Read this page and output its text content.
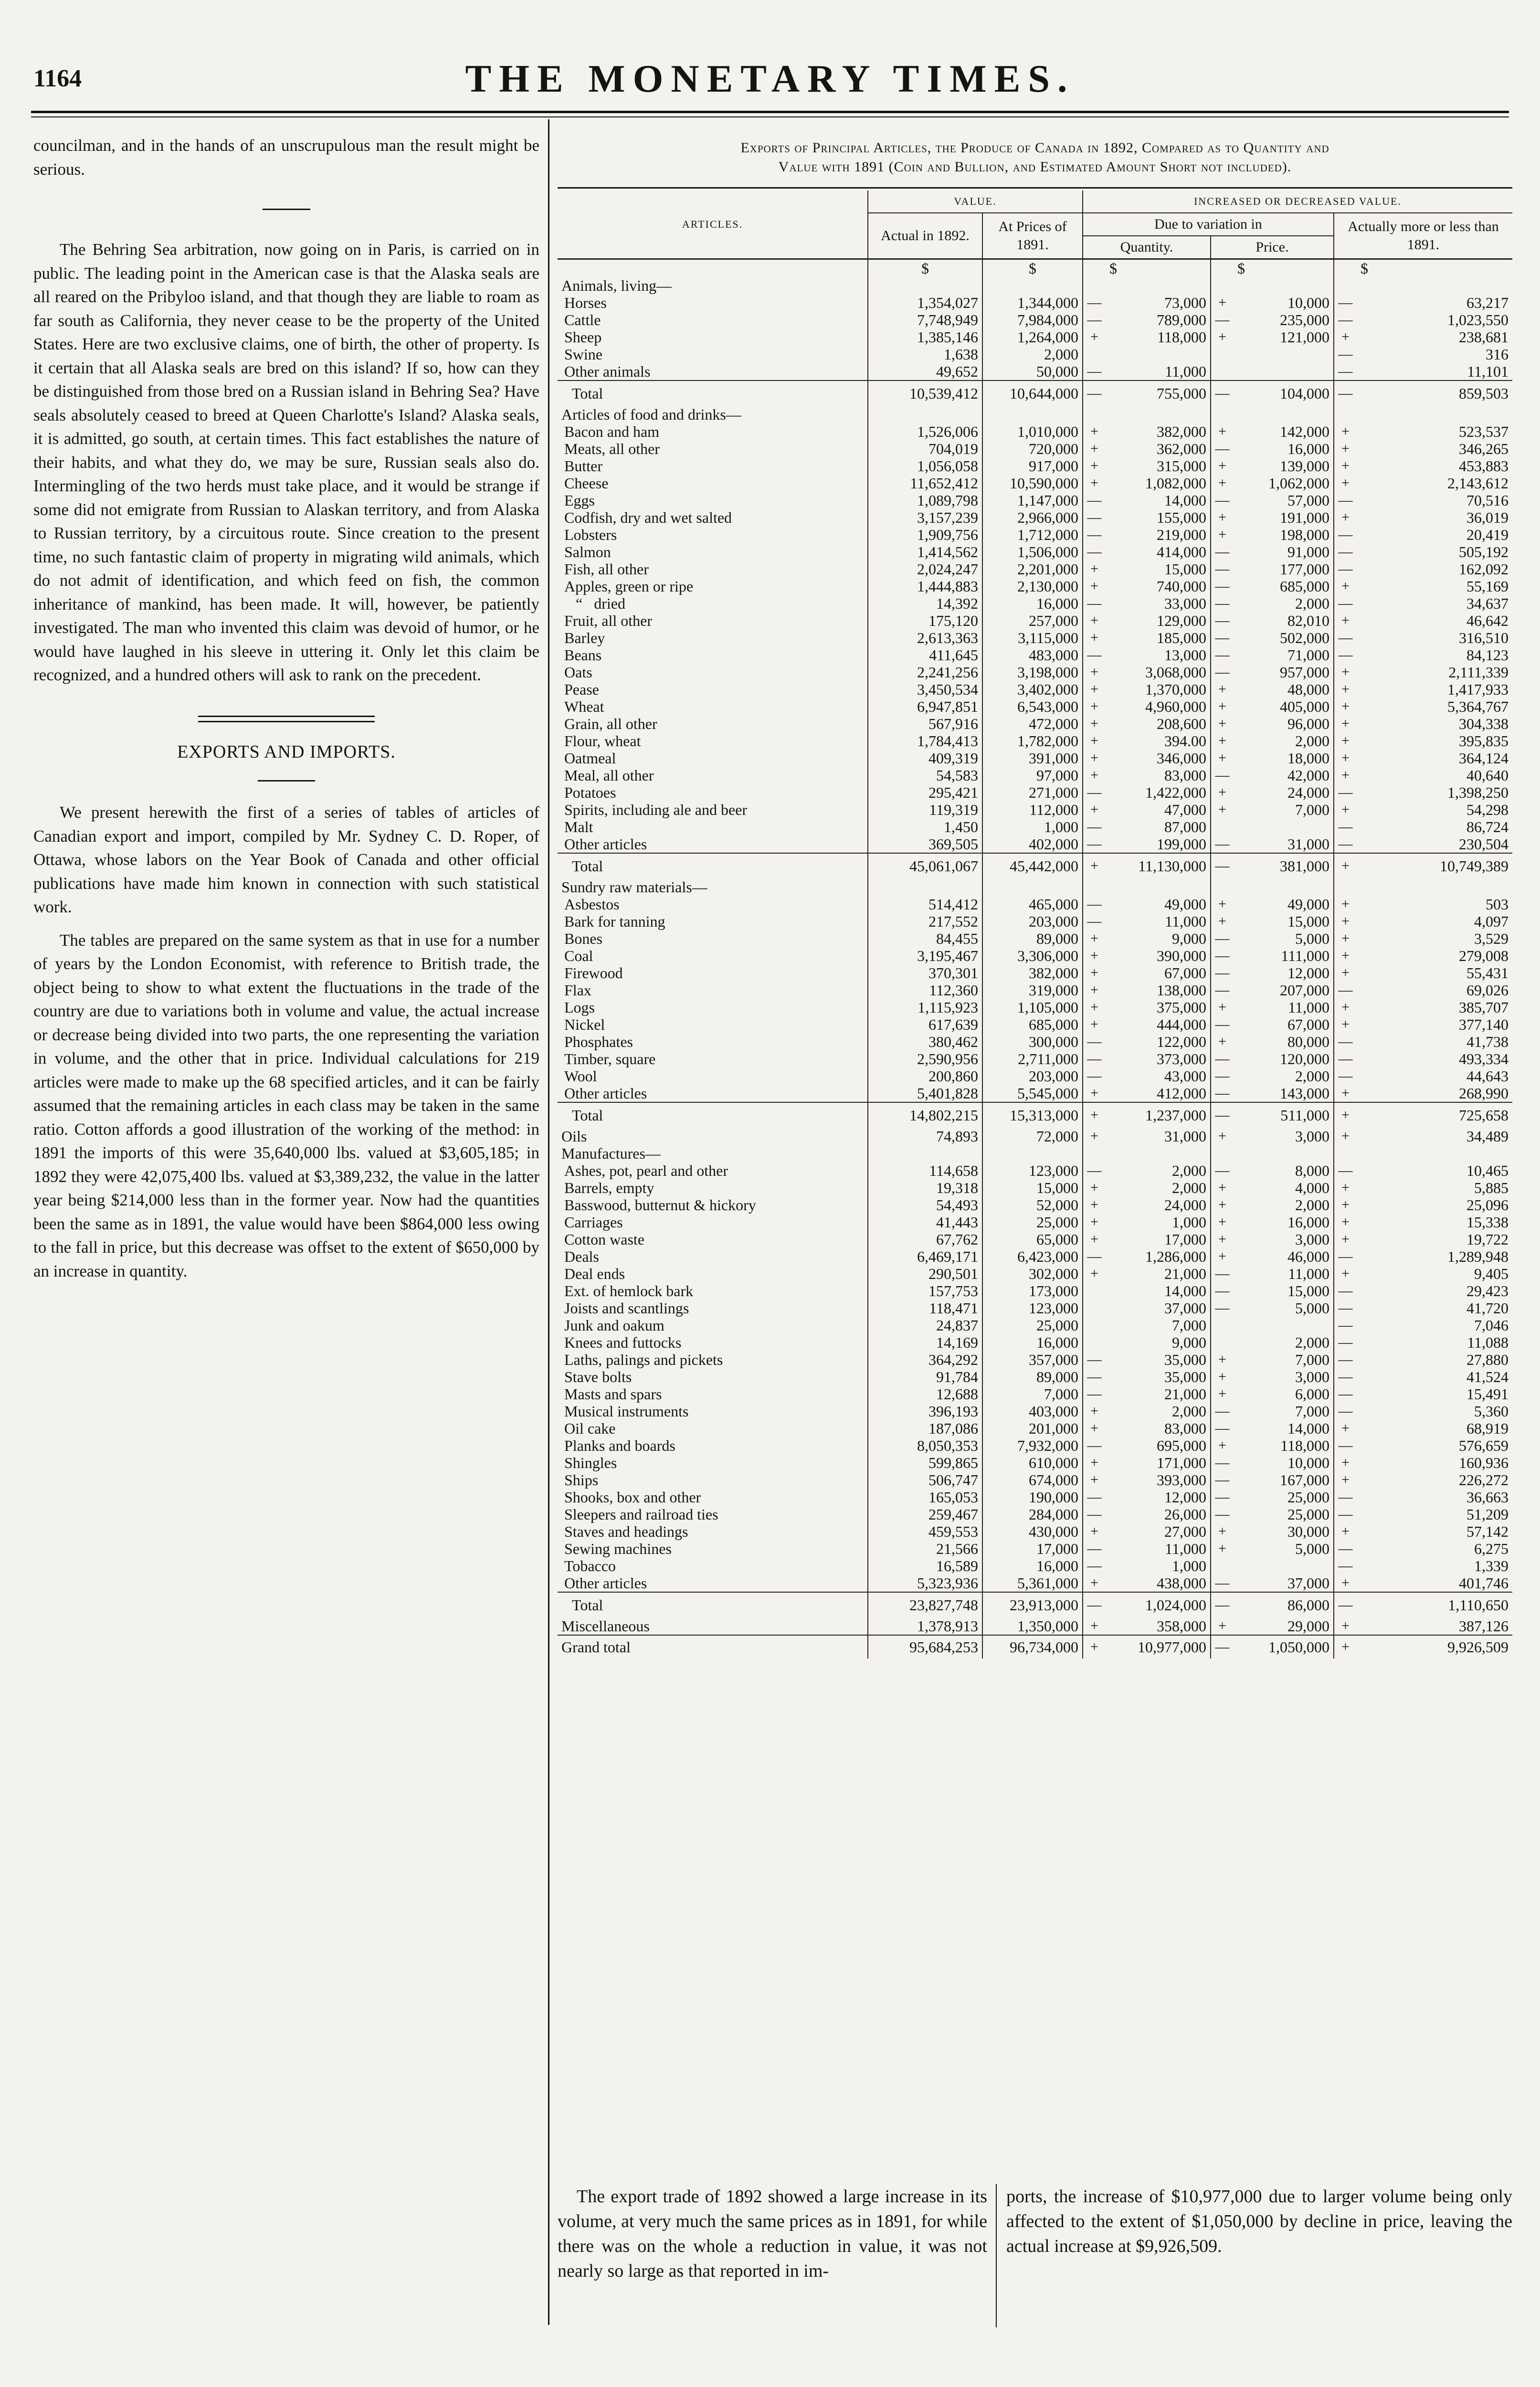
1164	THE MONETARY TIMES.

councilman, and in the hands of an unscrupulous man the result might be serious.

The Behring Sea arbitration, now going on in Paris, is carried on in public. The leading point in the American case is that the Alaska seals are all reared on the Pribyloo island, and that though they are liable to roam as far south as California, they never cease to be the property of the United States. Here are two exclusive claims, one of birth, the other of property. Is it certain that all Alaska seals are bred on this island? If so, how can they be distinguished from those bred on a Russian island in Behring Sea? Have seals absolutely ceased to breed at Queen Charlotte's Island? Alaska seals, it is admitted, go south, at certain times. This fact establishes the nature of their habits, and what they do, we may be sure, Russian seals also do. Intermingling of the two herds must take place, and it would be strange if some did not emigrate from Russian to Alaskan territory, and from Alaska to Russian territory, by a circuitous route. Since creation to the present time, no such fantastic claim of property in migrating wild animals, which do not admit of identification, and which feed on fish, the common inheritance of mankind, has been made. It will, however, be patiently investigated. The man who invented this claim was devoid of humor, or he would have laughed in his sleeve in uttering it. Only let this claim be recognized, and a hundred others will ask to rank on the precedent.

EXPORTS AND IMPORTS.

We present herewith the first of a series of tables of articles of Canadian export and import, compiled by Mr. Sydney C. D. Roper, of Ottawa, whose labors on the Year Book of Canada and other official publications have made him known in connection with such statistical work.

The tables are prepared on the same system as that in use for a number of years by the London Economist, with reference to British trade, the object being to show to what extent the fluctuations in the trade of the country are due to variations both in volume and value, the actual increase or decrease being divided into two parts, the one representing the variation in volume, and the other that in price. Individual calculations for 219 articles were made to make up the 68 specified articles, and it can be fairly assumed that the remaining articles in each class may be taken in the same ratio. Cotton affords a good illustration of the working of the method: in 1891 the imports of this were 35,640,000 lbs. valued at $3,605,185; in 1892 they were 42,075,400 lbs. valued at $3,389,232, the value in the latter year being $214,000 less than in the former year. Now had the quantities been the same as in 1891, the value would have been $864,000 less owing to the fall in price, but this decrease was offset to the extent of $650,000 by an increase in quantity.

Exports of Principal Articles, the Produce of Canada in 1892, Compared as to Quantity and
Value with 1891 (Coin and Bullion, and Estimated Amount Short not included).
ARTICLES.	VALUE.		INCREASED OR DECREASED VALUE.					
	Actual in 1892.	At Prices of 1891.	Due to variation in				Actually more or less than 1891.	
			Quantity.		Price.			

	$	$		$		$		$
Animals, living—								
Horses	1,354,027	1,344,000	—	73,000	+	10,000	—	63,217
Cattle	7,748,949	7,984,000	—	789,000	—	235,000	—	1,023,550
Sheep	1,385,146	1,264,000	+	118,000	+	121,000	+	238,681
Swine	1,638	2,000					—	316
Other animals	49,652	50,000	—	11,000			—	11,101
Total	10,539,412	10,644,000	—	755,000	—	104,000	—	859,503
Articles of food and drinks—								
Bacon and ham	1,526,006	1,010,000	+	382,000	+	142,000	+	523,537
Meats, all other	704,019	720,000	+	362,000	—	16,000	+	346,265
Butter	1,056,058	917,000	+	315,000	+	139,000	+	453,883
Cheese	11,652,412	10,590,000	+	1,082,000	+	1,062,000	+	2,143,612
Eggs	1,089,798	1,147,000	—	14,000	—	57,000	—	70,516
Codfish, dry and wet salted	3,157,239	2,966,000	—	155,000	+	191,000	+	36,019
Lobsters	1,909,756	1,712,000	—	219,000	+	198,000	—	20,419
Salmon	1,414,562	1,506,000	—	414,000	—	91,000	—	505,192
Fish, all other	2,024,247	2,201,000	+	15,000	—	177,000	—	162,092
Apples, green or ripe	1,444,883	2,130,000	+	740,000	—	685,000	+	55,169
“   dried	14,392	16,000	—	33,000	—	2,000	—	34,637
Fruit, all other	175,120	257,000	+	129,000	—	82,010	+	46,642
Barley	2,613,363	3,115,000	+	185,000	—	502,000	—	316,510
Beans	411,645	483,000	—	13,000	—	71,000	—	84,123
Oats	2,241,256	3,198,000	+	3,068,000	—	957,000	+	2,111,339
Pease	3,450,534	3,402,000	+	1,370,000	+	48,000	+	1,417,933
Wheat	6,947,851	6,543,000	+	4,960,000	+	405,000	+	5,364,767
Grain, all other	567,916	472,000	+	208,600	+	96,000	+	304,338
Flour, wheat	1,784,413	1,782,000	+	394.00	+	2,000	+	395,835
Oatmeal	409,319	391,000	+	346,000	+	18,000	+	364,124
Meal, all other	54,583	97,000	+	83,000	—	42,000	+	40,640
Potatoes	295,421	271,000	—	1,422,000	+	24,000	—	1,398,250
Spirits, including ale and beer	119,319	112,000	+	47,000	+	7,000	+	54,298
Malt	1,450	1,000	—	87,000			—	86,724
Other articles	369,505	402,000	—	199,000	—	31,000	—	230,504
Total	45,061,067	45,442,000	+	11,130,000	—	381,000	+	10,749,389
Sundry raw materials—								
Asbestos	514,412	465,000	—	49,000	+	49,000	+	503
Bark for tanning	217,552	203,000	—	11,000	+	15,000	+	4,097
Bones	84,455	89,000	+	9,000	—	5,000	+	3,529
Coal	3,195,467	3,306,000	+	390,000	—	111,000	+	279,008
Firewood	370,301	382,000	+	67,000	—	12,000	+	55,431
Flax	112,360	319,000	+	138,000	—	207,000	—	69,026
Logs	1,115,923	1,105,000	+	375,000	+	11,000	+	385,707
Nickel	617,639	685,000	+	444,000	—	67,000	+	377,140
Phosphates	380,462	300,000	—	122,000	+	80,000	—	41,738
Timber, square	2,590,956	2,711,000	—	373,000	—	120,000	—	493,334
Wool	200,860	203,000	—	43,000	—	2,000	—	44,643
Other articles	5,401,828	5,545,000	+	412,000	—	143,000	+	268,990
Total	14,802,215	15,313,000	+	1,237,000	—	511,000	+	725,658
Oils	74,893	72,000	+	31,000	+	3,000	+	34,489
Manufactures—								
Ashes, pot, pearl and other	114,658	123,000	—	2,000	—	8,000	—	10,465
Barrels, empty	19,318	15,000	+	2,000	+	4,000	+	5,885
Basswood, butternut & hickory	54,493	52,000	+	24,000	+	2,000	+	25,096
Carriages	41,443	25,000	+	1,000	+	16,000	+	15,338
Cotton waste	67,762	65,000	+	17,000	+	3,000	+	19,722
Deals	6,469,171	6,423,000	—	1,286,000	+	46,000	—	1,289,948
Deal ends	290,501	302,000	+	21,000	—	11,000	+	9,405
Ext. of hemlock bark	157,753	173,000		14,000	—	15,000	—	29,423
Joists and scantlings	118,471	123,000		37,000	—	5,000	—	41,720
Junk and oakum	24,837	25,000		7,000			—	7,046
Knees and futtocks	14,169	16,000		9,000		2,000	—	11,088
Laths, palings and pickets	364,292	357,000	—	35,000	+	7,000	—	27,880
Stave bolts	91,784	89,000	—	35,000	+	3,000	—	41,524
Masts and spars	12,688	7,000	—	21,000	+	6,000	—	15,491
Musical instruments	396,193	403,000	+	2,000	—	7,000	—	5,360
Oil cake	187,086	201,000	+	83,000	—	14,000	+	68,919
Planks and boards	8,050,353	7,932,000	—	695,000	+	118,000	—	576,659
Shingles	599,865	610,000	+	171,000	—	10,000	+	160,936
Ships	506,747	674,000	+	393,000	—	167,000	+	226,272
Shooks, box and other	165,053	190,000	—	12,000	—	25,000	—	36,663
Sleepers and railroad ties	259,467	284,000	—	26,000	—	25,000	—	51,209
Staves and headings	459,553	430,000	+	27,000	+	30,000	+	57,142
Sewing machines	21,566	17,000	—	11,000	+	5,000	—	6,275
Tobacco	16,589	16,000	—	1,000			—	1,339
Other articles	5,323,936	5,361,000	+	438,000	—	37,000	+	401,746
Total	23,827,748	23,913,000	—	1,024,000	—	86,000	—	1,110,650
Miscellaneous	1,378,913	1,350,000	+	358,000	+	29,000	+	387,126
Grand total	95,684,253	96,734,000	+	10,977,000	—	1,050,000	+	9,926,509
The export trade of 1892 showed a large increase in its volume, at very much the same prices as in 1891, for while there was on the whole a reduction in value, it was not nearly so large as that reported in im-
ports, the increase of $10,977,000 due to larger volume being only affected to the extent of $1,050,000 by decline in price, leaving the actual increase at $9,926,509.
